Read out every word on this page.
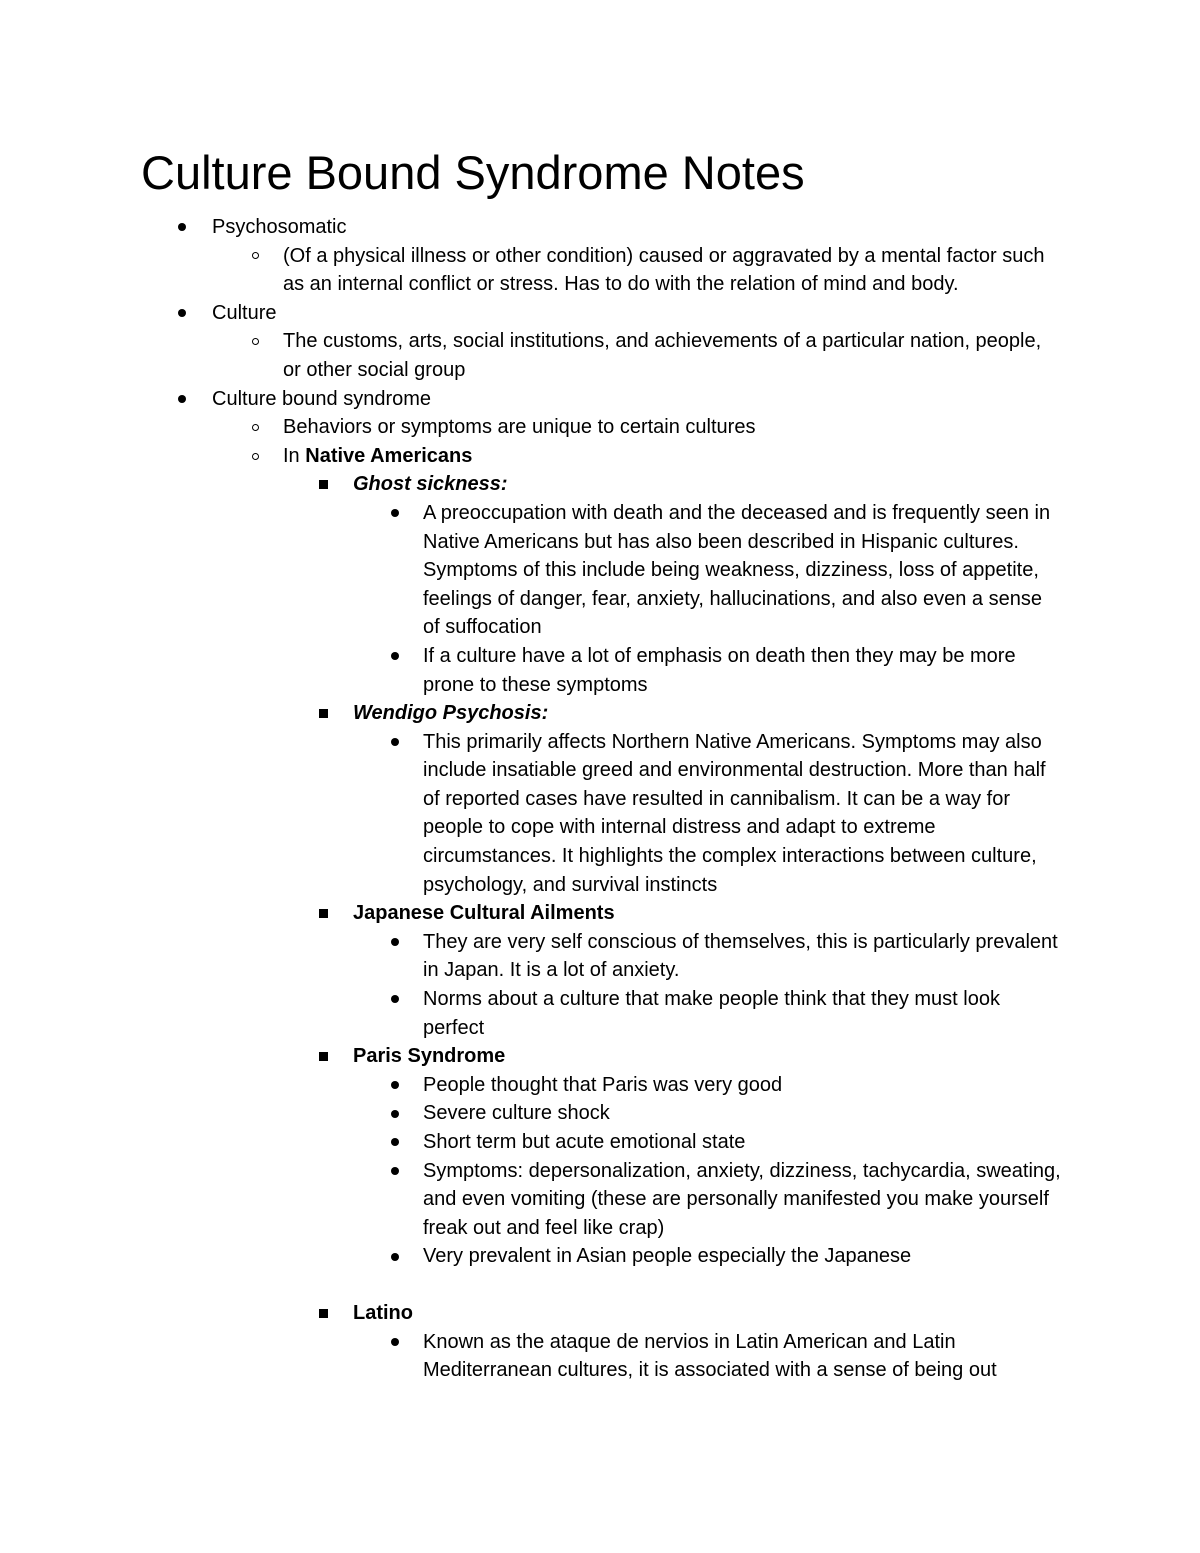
Culture Bound Syndrome Notes
Psychosomatic
(Of a physical illness or other condition) caused or aggravated by a mental factor such as an internal conflict or stress. Has to do with the relation of mind and body.
Culture
The customs, arts, social institutions, and achievements of a particular nation, people, or other social group
Culture bound syndrome
Behaviors or symptoms are unique to certain cultures
In Native Americans
Ghost sickness:
A preoccupation with death and the deceased and is frequently seen in Native Americans but has also been described in Hispanic cultures. Symptoms of this include being weakness, dizziness, loss of appetite, feelings of danger, fear, anxiety, hallucinations, and also even a sense of suffocation
If a culture have a lot of emphasis on death then they may be more prone to these symptoms
Wendigo Psychosis:
This primarily affects Northern Native Americans. Symptoms may also include insatiable greed and environmental destruction. More than half of reported cases have resulted in cannibalism. It can be a way for people to cope with internal distress and adapt to extreme circumstances. It highlights the complex interactions between culture, psychology, and survival instincts
Japanese Cultural Ailments
They are very self conscious of themselves, this is particularly prevalent in Japan. It is a lot of anxiety.
Norms about a culture that make people think that they must look perfect
Paris Syndrome
People thought that Paris was very good
Severe culture shock
Short term but acute emotional state
Symptoms: depersonalization, anxiety, dizziness, tachycardia, sweating, and even vomiting (these are personally manifested you make yourself freak out and feel like crap)
Very prevalent in Asian people especially the Japanese
Latino
Known as the ataque de nervios in Latin American and Latin Mediterranean cultures, it is associated with a sense of being out
